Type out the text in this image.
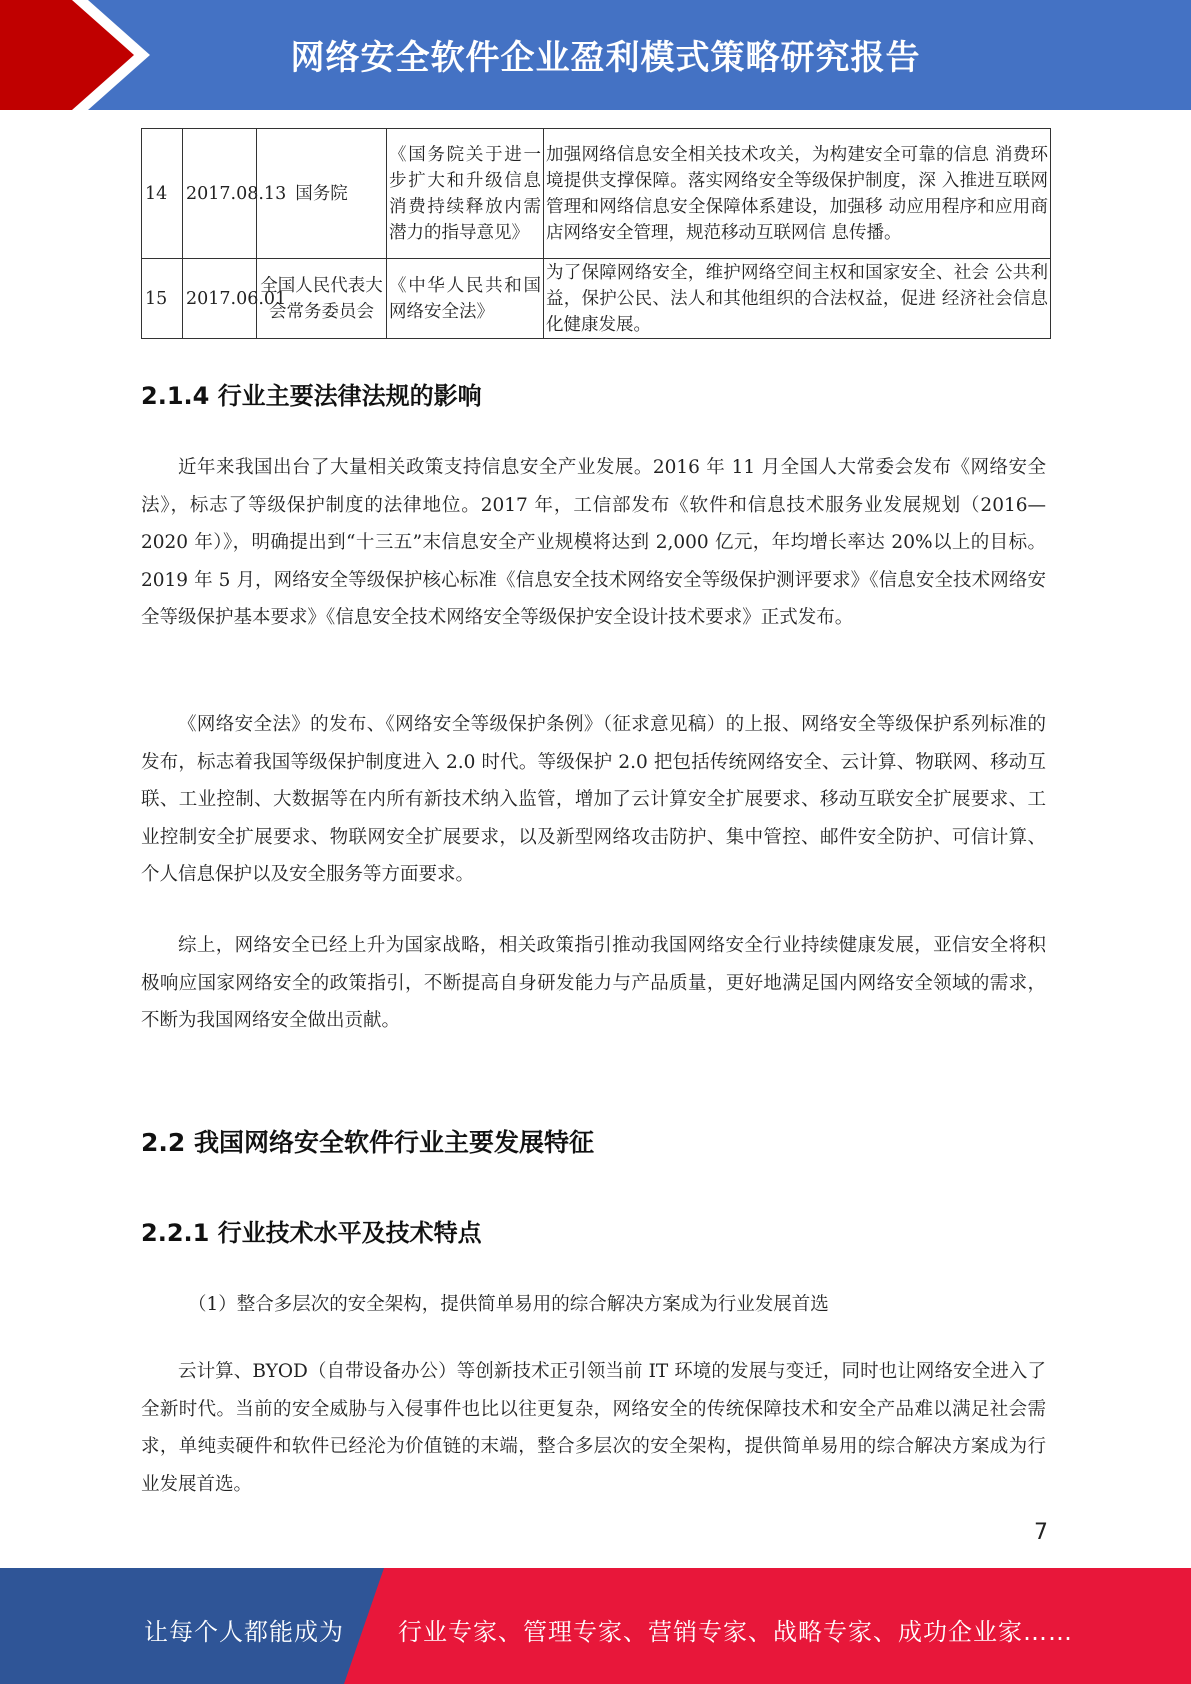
网络安全软件企业盈利模式策略研究报告
14	2017.08.13	国务院	《国务院关于进一步扩大和升级信息消费持续释放内需潜力的指导意见》	加强网络信息安全相关技术攻关，为构建安全可靠的信息 消费环境提供支撑保障。落实网络安全等级保护制度，深 入推进互联网管理和网络信息安全保障体系建设，加强移 动应用程序和应用商店网络安全管理，规范移动互联网信 息传播。
15	2017.06.01	全国人民代表大会常务委员会	《中华人民共和国网络安全法》	为了保障网络安全，维护网络空间主权和国家安全、社会 公共利益，保护公民、法人和其他组织的合法权益，促进 经济社会信息化健康发展。
2.1.4 行业主要法律法规的影响

近年来我国出台了大量相关政策支持信息安全产业发展。2016 年 11 月全国人大常委会发布《网络安全法》，标志了等级保护制度的法律地位。2017 年，工信部发布《软件和信息技术服务业发展规划（2016—2020 年）》，明确提出到“十三五”末信息安全产业规模将达到 2,000 亿元，年均增长率达 20%以上的目标。2019 年 5 月，网络安全等级保护核心标准《信息安全技术网络安全等级保护测评要求》《信息安全技术网络安全等级保护基本要求》《信息安全技术网络安全等级保护安全设计技术要求》正式发布。

《网络安全法》的发布、《网络安全等级保护条例》（征求意见稿）的上报、网络安全等级保护系列标准的发布，标志着我国等级保护制度进入 2.0 时代。等级保护 2.0 把包括传统网络安全、云计算、物联网、移动互联、工业控制、大数据等在内所有新技术纳入监管，增加了云计算安全扩展要求、移动互联安全扩展要求、工业控制安全扩展要求、物联网安全扩展要求，以及新型网络攻击防护、集中管控、邮件安全防护、可信计算、个人信息保护以及安全服务等方面要求。

综上，网络安全已经上升为国家战略，相关政策指引推动我国网络安全行业持续健康发展，亚信安全将积极响应国家网络安全的政策指引，不断提高自身研发能力与产品质量，更好地满足国内网络安全领域的需求，不断为我国网络安全做出贡献。

2.2 我国网络安全软件行业主要发展特征
2.2.1 行业技术水平及技术特点
（1）整合多层次的安全架构，提供简单易用的综合解决方案成为行业发展首选

云计算、BYOD（自带设备办公）等创新技术正引领当前 IT 环境的发展与变迁，同时也让网络安全进入了全新时代。当前的安全威胁与入侵事件也比以往更复杂，网络安全的传统保障技术和安全产品难以满足社会需求，单纯卖硬件和软件已经沦为价值链的末端，整合多层次的安全架构，提供简单易用的综合解决方案成为行业发展首选。

7
让每个人都能成为 行业专家、管理专家、营销专家、战略专家、成功企业家……
